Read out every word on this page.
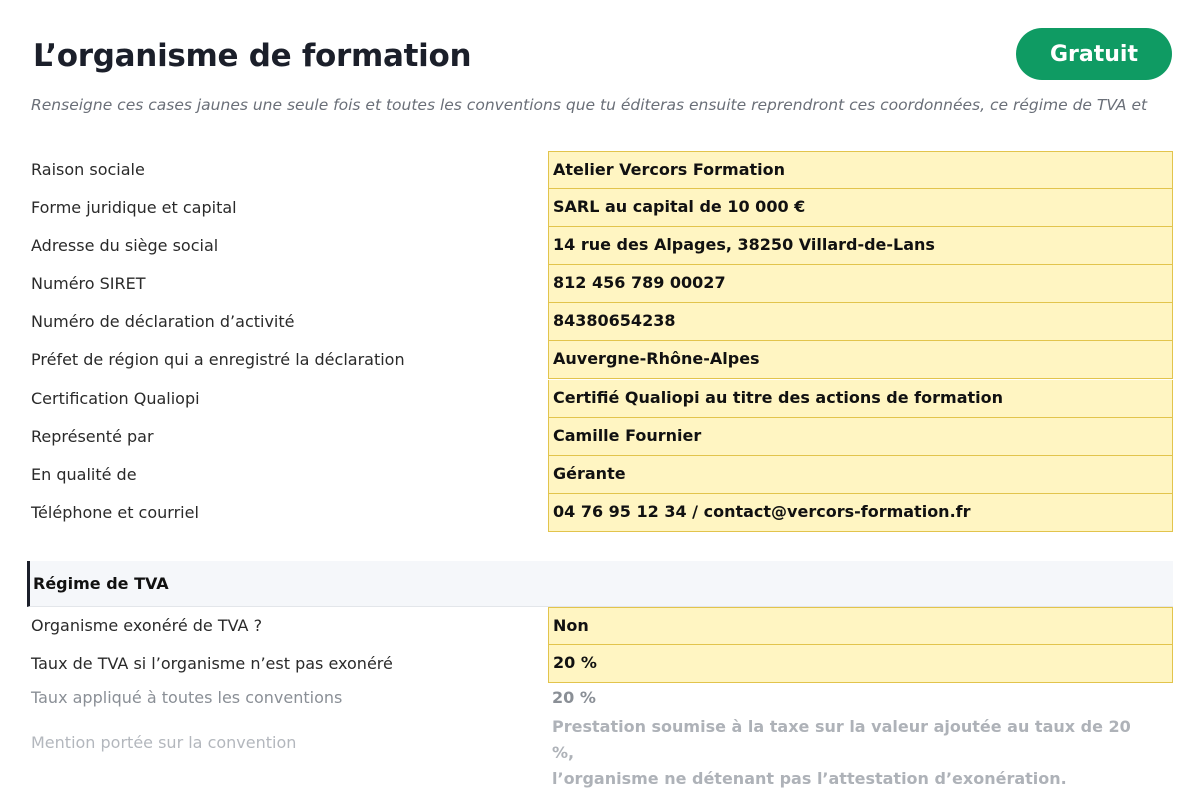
L’organisme de formation	Gratuit
Renseigne ces cases jaunes une seule fois et toutes les conventions que tu éditeras ensuite reprendront ces coordonnées, ce régime de TVA et
Raison sociale	Atelier Vercors Formation
Forme juridique et capital	SARL au capital de 10 000 €
Adresse du siège social	14 rue des Alpages, 38250 Villard-de-Lans
Numéro SIRET	812 456 789 00027
Numéro de déclaration d’activité	84380654238
Préfet de région qui a enregistré la déclaration	Auvergne-Rhône-Alpes
Certification Qualiopi	Certifié Qualiopi au titre des actions de formation
Représenté par	Camille Fournier
En qualité de	Gérante
Téléphone et courriel	04 76 95 12 34 / contact@vercors-formation.fr
Régime de TVA
Organisme exonéré de TVA ?	Non
Taux de TVA si l’organisme n’est pas exonéré	20 %
Taux appliqué à toutes les conventions	20 %
Mention portée sur la convention
Prestation soumise à la taxe sur la valeur ajoutée au taux de 20 %,
l’organisme ne détenant pas l’attestation d’exonération.
